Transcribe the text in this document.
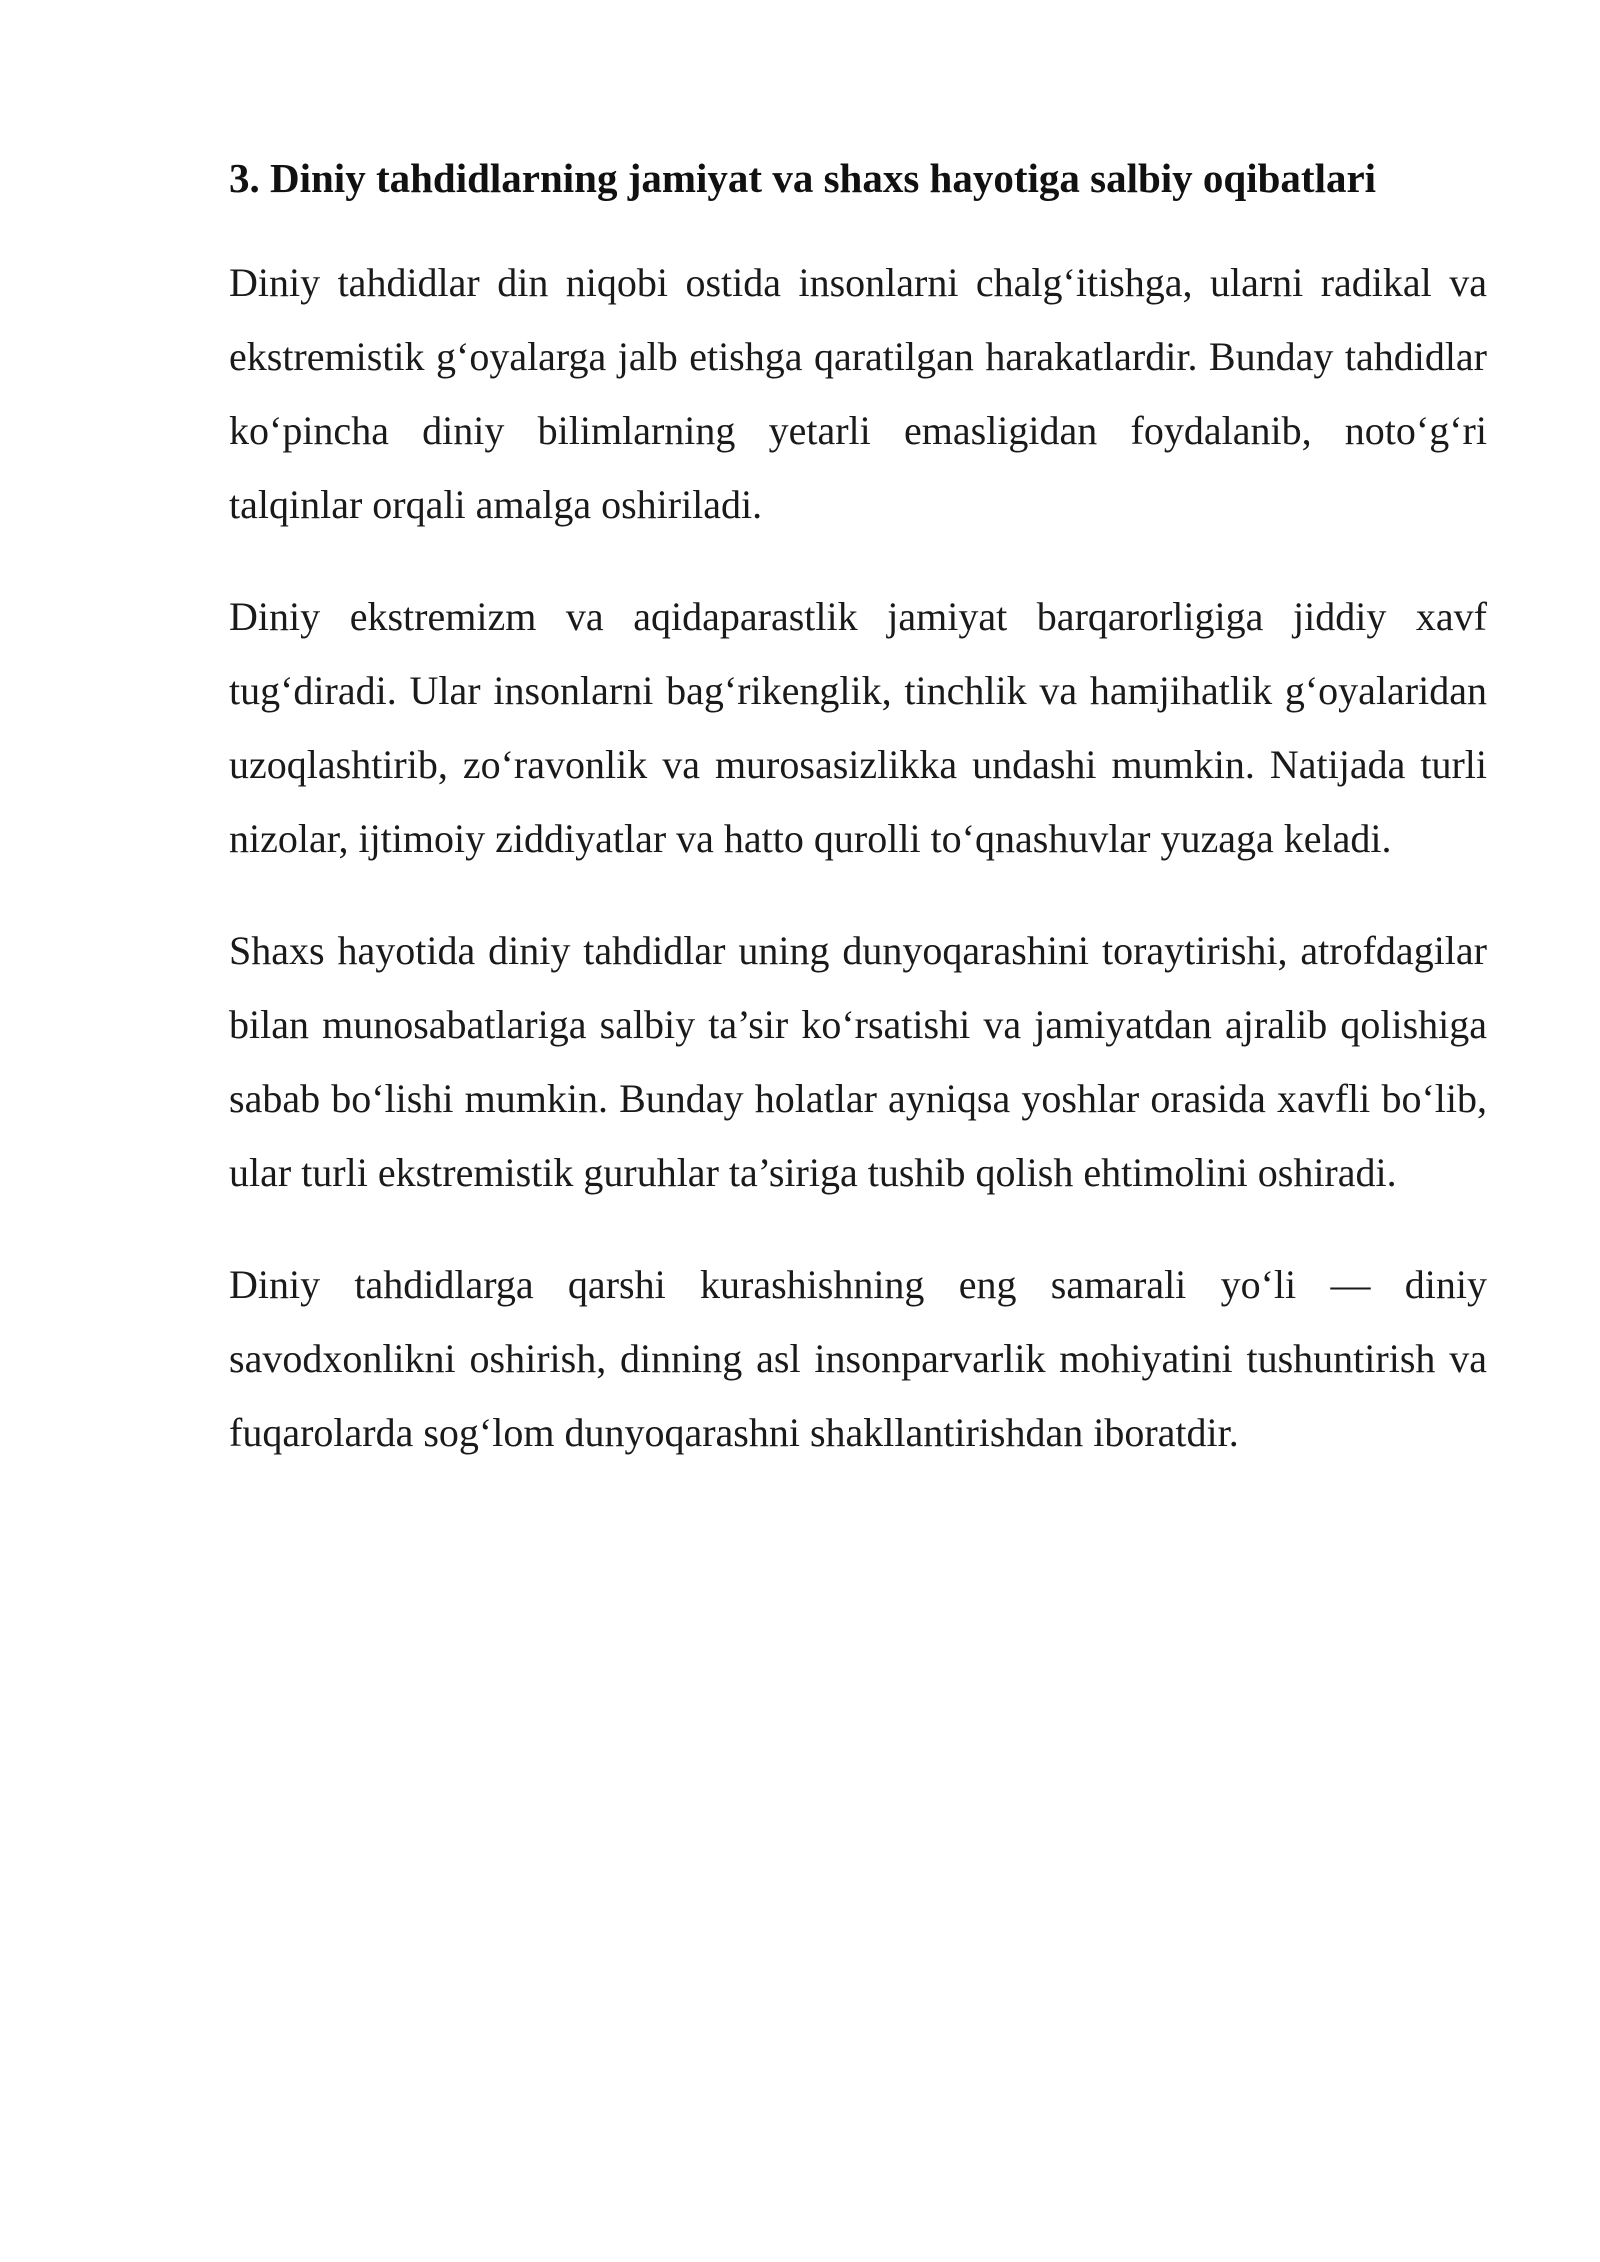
3. Diniy tahdidlarning jamiyat va shaxs hayotiga salbiy oqibatlari

Diniy tahdidlar din niqobi ostida insonlarni chalg‘itishga, ularni radikal va ekstremistik g‘oyalarga jalb etishga qaratilgan harakatlardir. Bunday tahdidlar ko‘pincha diniy bilimlarning yetarli emasligidan foydalanib, noto‘g‘ri talqinlar orqali amalga oshiriladi.

Diniy ekstremizm va aqidaparastlik jamiyat barqarorligiga jiddiy xavf tug‘diradi. Ular insonlarni bag‘rikenglik, tinchlik va hamjihatlik g‘oyalaridan uzoqlashtirib, zo‘ravonlik va murosasizlikka undashi mumkin. Natijada turli nizolar, ijtimoiy ziddiyatlar va hatto qurolli to‘qnashuvlar yuzaga keladi.

Shaxs hayotida diniy tahdidlar uning dunyoqarashini toraytirishi, atrofdagilar bilan munosabatlariga salbiy ta’sir ko‘rsatishi va jamiyatdan ajralib qolishiga sabab bo‘lishi mumkin. Bunday holatlar ayniqsa yoshlar orasida xavfli bo‘lib, ular turli ekstremistik guruhlar ta’siriga tushib qolish ehtimolini oshiradi.

Diniy tahdidlarga qarshi kurashishning eng samarali yo‘li — diniy savodxonlikni oshirish, dinning asl insonparvarlik mohiyatini tushuntirish va fuqarolarda sog‘lom dunyoqarashni shakllantirishdan iboratdir.
